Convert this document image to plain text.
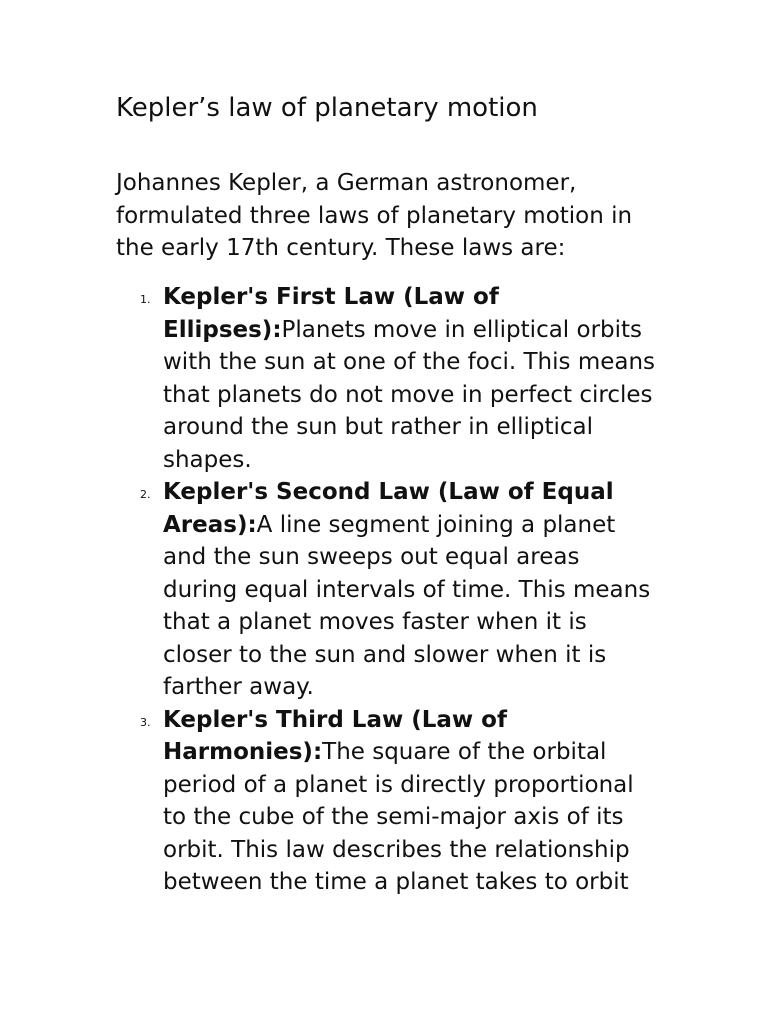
Kepler’s law of planetary motion

Johannes Kepler, a German astronomer, formulated three laws of planetary motion in the early 17th century. These laws are:

1. Kepler's First Law (Law of Ellipses):Planets move in elliptical orbits with the sun at one of the foci. This means that planets do not move in perfect circles around the sun but rather in elliptical shapes.
2. Kepler's Second Law (Law of Equal Areas):A line segment joining a planet and the sun sweeps out equal areas during equal intervals of time. This means that a planet moves faster when it is closer to the sun and slower when it is farther away.
3. Kepler's Third Law (Law of Harmonies):The square of the orbital period of a planet is directly proportional to the cube of the semi-major axis of its orbit. This law describes the relationship between the time a planet takes to orbit
